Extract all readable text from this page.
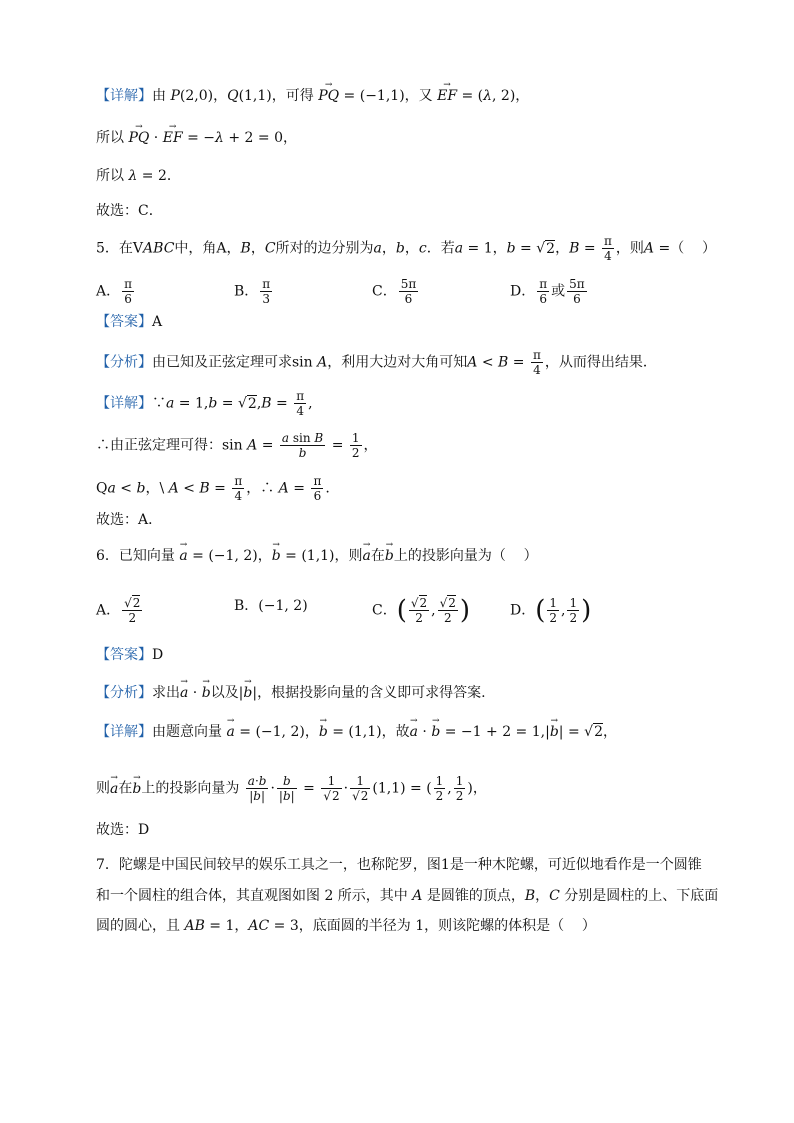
【详解】由 P(2,0)，Q(1,1)，可得 → PQ = (−1,1)，又 → EF = (λ, 2)，
所以 → PQ · → EF = −λ + 2 = 0，
所以 λ = 2．
故选：C．
5．在VABC中，角A，B，C所对的边分别为a，b，c．若a = 1，b = √2，$B = \frac{\pi}{4}$ ，则A =（    ）
A． $\frac{\pi}{6}$	B． $\frac{\pi}{3}$	C． $\frac{5\pi}{6}$	D． $\frac{\pi}{6}$ 或 $\frac{5\pi}{6}$
【答案】A
【分析】由已知及正弦定理可求sin A，利用大边对大角可知$A < B = \frac{\pi}{4}$ ，从而得出结果．
【详解】∵a = $1,b = √2,B = \frac{\pi}{4}$ ,
∴由正弦定理可得：$\sin A = \frac{\text{a sin B}}{b} = \frac{1}{2}$ ，
Qa < b，\ $A < B = \frac{\pi}{4}$ ，∴ $A = \frac{\pi}{6}$ .
故选：A．
6．已知向量 → a = (−1, 2)，→ b = (1,1)，则→ a在→ b上的投影向量为（    ）
A． $\frac{√2}{2}$	B．(−1, 2)	C．( $\frac{√2}{2}$ , $\frac{√2}{2}$ )	D．( $\frac{1}{2}$ , $\frac{1}{2}$ )
【答案】D
【分析】求出→ a · → b以及|→ b|，根据投影向量的含义即可求得答案.
【详解】由题意向量 → a = (−1, 2)，→ b = (1,1)，故→ a · → b = −1 + 2 = 1,|→ b| = √2，
则→ a在→ b上的投影向量为 $\frac{a\cdot b}{|b|} \cdot \frac{b}{|b|} = \frac{1}{√2} \cdot \frac{1}{√2} (1,1)$ = ( $\frac{1}{2}$ , $\frac{1}{2}$ )，
故选：D
7．陀螺是中国民间较早的娱乐工具之一，也称陀罗，图1是一种木陀螺，可近似地看作是一个圆锥
和一个圆柱的组合体，其直观图如图 2 所示，其中 A 是圆锥的顶点，B，C 分别是圆柱的上、下底面
圆的圆心，且 AB = 1，AC = 3，底面圆的半径为 1，则该陀螺的体积是（    ）
